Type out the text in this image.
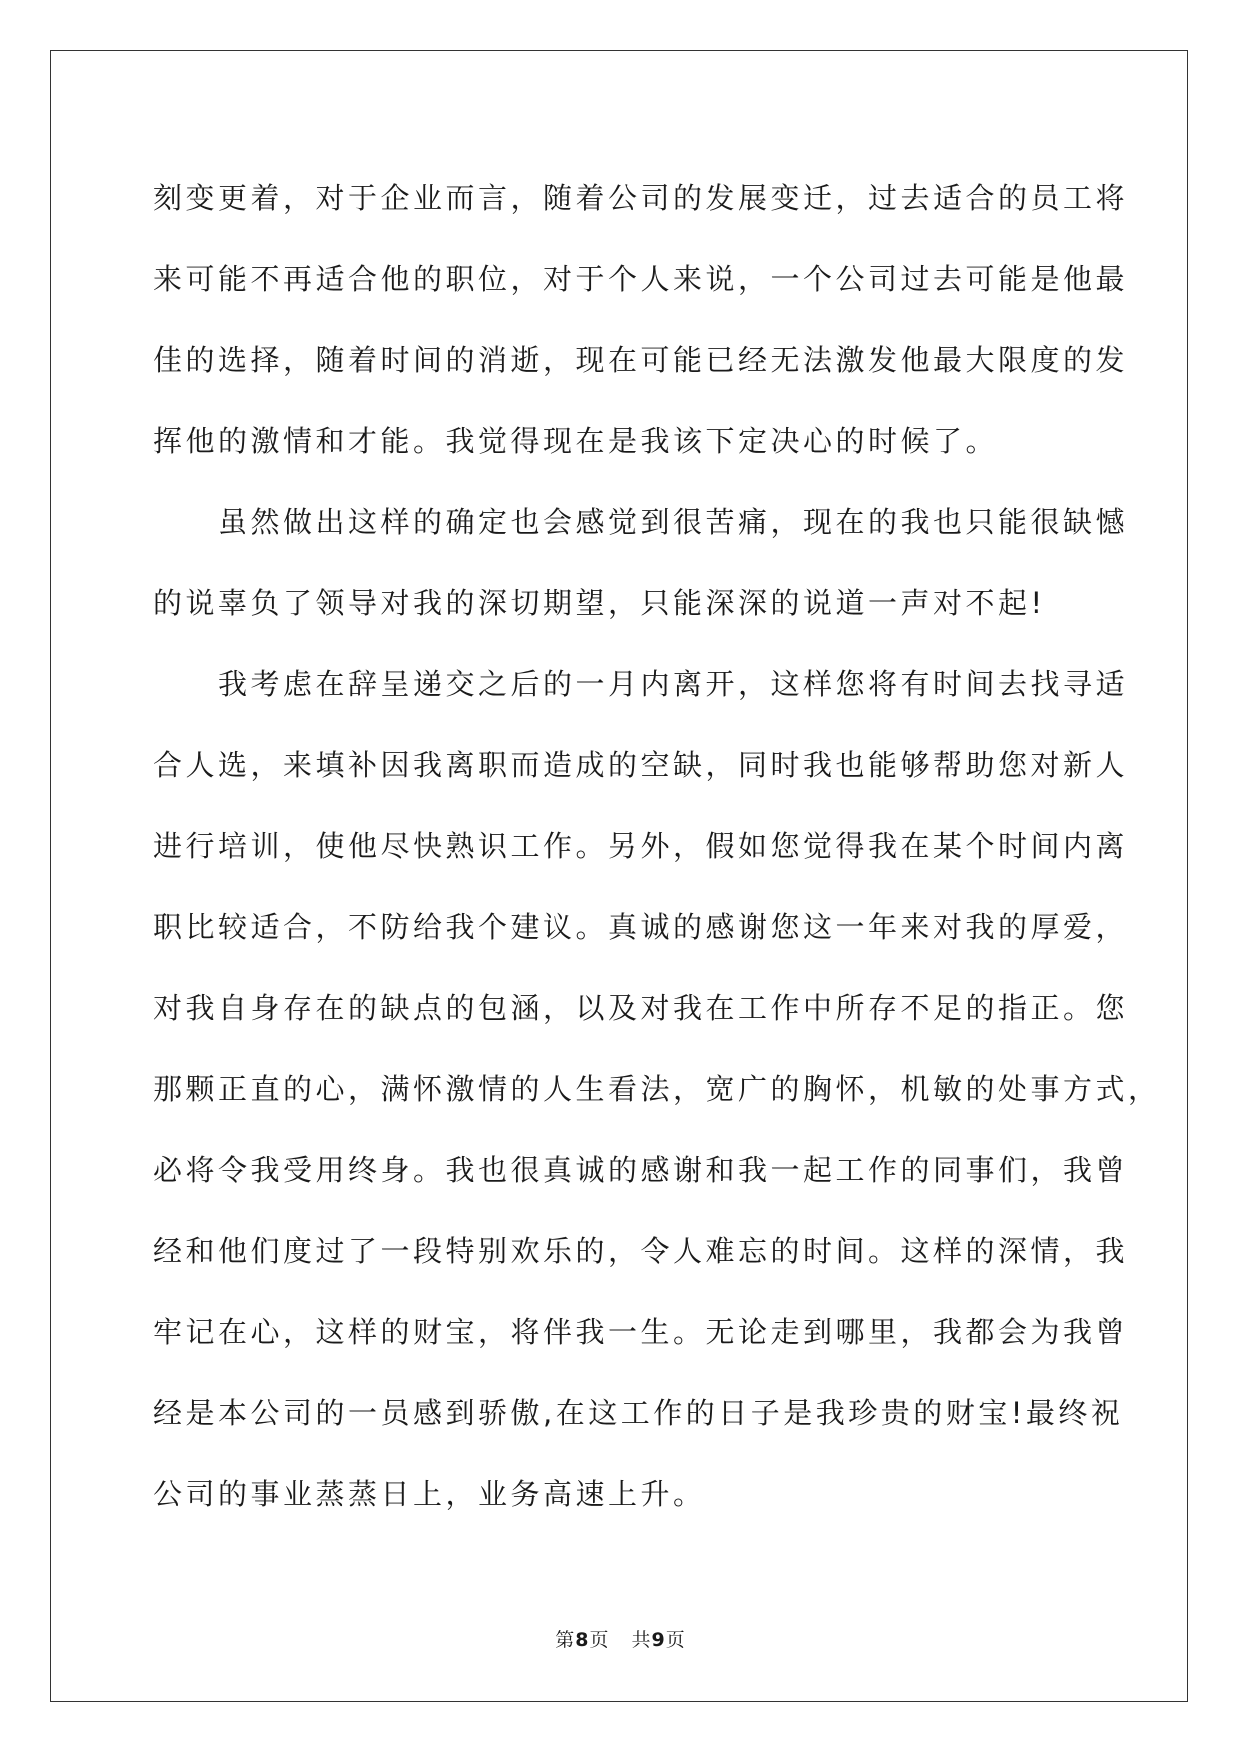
刻变更着，对于企业而言，随着公司的发展变迁，过去适合的员工将
来可能不再适合他的职位，对于个人来说，一个公司过去可能是他最
佳的选择，随着时间的消逝，现在可能已经无法激发他最大限度的发
挥他的激情和才能。我觉得现在是我该下定决心的时候了。

虽然做出这样的确定也会感觉到很苦痛，现在的我也只能很缺憾
的说辜负了领导对我的深切期望，只能深深的说道一声对不起!

我考虑在辞呈递交之后的一月内离开，这样您将有时间去找寻适
合人选，来填补因我离职而造成的空缺，同时我也能够帮助您对新人
进行培训，使他尽快熟识工作。另外，假如您觉得我在某个时间内离
职比较适合，不防给我个建议。真诚的感谢您这一年来对我的厚爱，
对我自身存在的缺点的包涵，以及对我在工作中所存不足的指正。您
那颗正直的心，满怀激情的人生看法，宽广的胸怀，机敏的处事方式，
必将令我受用终身。我也很真诚的感谢和我一起工作的同事们，我曾
经和他们度过了一段特别欢乐的，令人难忘的时间。这样的深情，我
牢记在心，这样的财宝，将伴我一生。无论走到哪里，我都会为我曾
经是本公司的一员感到骄傲,在这工作的日子是我珍贵的财宝!最终祝
公司的事业蒸蒸日上，业务高速上升。

第8页 共9页
